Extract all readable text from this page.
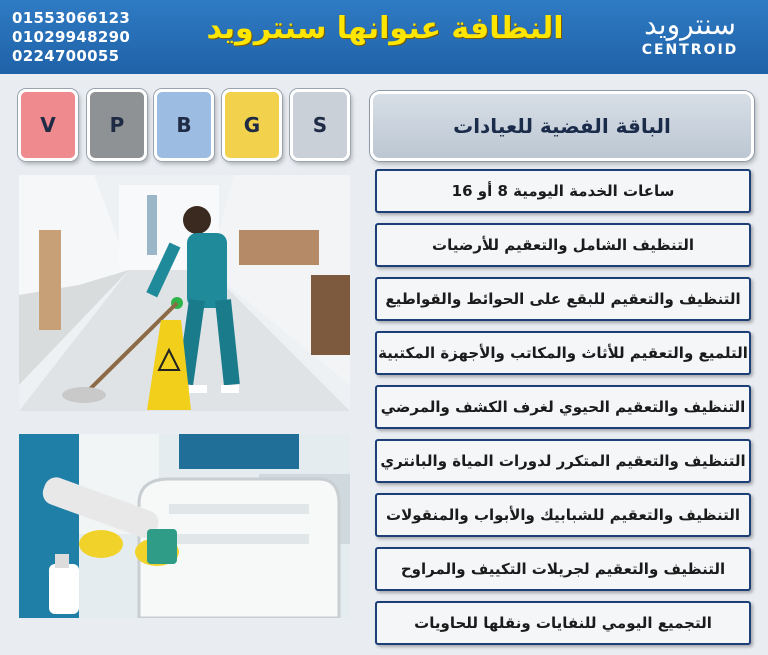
01553066123
01029948290
0224700055
النظافة عنوانها سنترويد	سنترويد
CENTROID
V	P	B	G	S	الباقة الفضية للعيادات
ساعات الخدمة اليومية 8 أو 16
التنظيف الشامل والتعقيم للأرضيات
التنظيف والتعقيم للبقع على الحوائط والقواطيع
التلميع والتعقيم للأثاث والمكاتب والأجهزة المكتبية
التنظيف والتعقيم الحيوي لغرف الكشف والمرضي
التنظيف والتعقيم المتكرر لدورات المياة والبانتري
التنظيف والتعقيم للشبابيك والأبواب والمنقولات
التنظيف والتعقيم لجريلات التكييف والمراوح
التجميع اليومي للنفايات ونقلها للحاويات
